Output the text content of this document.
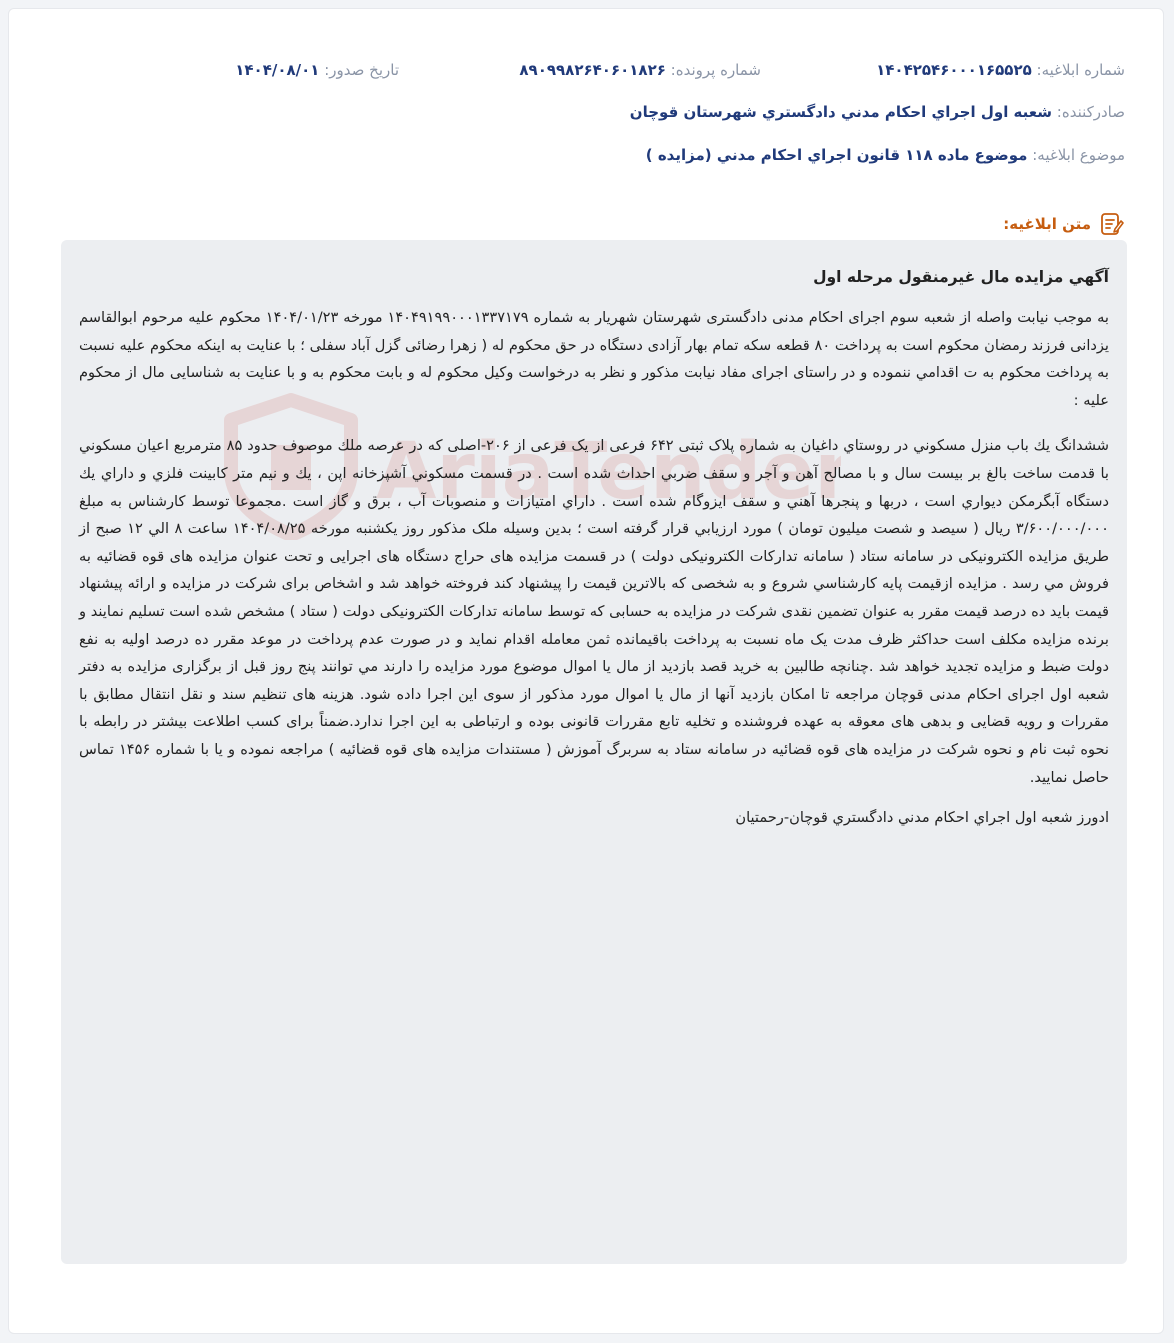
شماره ابلاغیه: ۱۴۰۴۲۵۴۶۰۰۰۱۶۵۵۲۵
شماره پرونده: ۸۹۰۹۹۸۲۶۴۰۶۰۱۸۲۶
تاریخ صدور: ۱۴۰۴/۰۸/۰۱
صادرکننده: شعبه اول اجراي احکام مدني دادگستري شهرستان قوچان
موضوع ابلاغیه: موضوع ماده ۱۱۸ قانون اجراي احکام مدني (مزايده )
متن ابلاغیه:
AriaTender
آگهي مزايده مال غيرمنقول مرحله اول

به موجب نیابت واصله از شعبه سوم اجرای احکام مدنی دادگستری شهرستان شهریار به شماره ۱۴۰۴۹۱۹۹۰۰۰۱۳۳۷۱۷۹ مورخه ۱۴۰۴/۰۱/۲۳ محکوم علیه مرحوم ابوالقاسم یزدانی فرزند رمضان محکوم است به پرداخت ۸۰ قطعه سکه تمام بهار آزادی دستگاه در حق محکوم له ( زهرا رضائی گزل آباد سفلی ؛ با عنایت به اینکه محکوم علیه نسبت به پرداخت محکوم به ت اقدامي ننموده و در راستای اجرای مفاد نیابت مذکور و نظر به درخواست وکیل محکوم له و بابت محکوم به و با عنایت به شناسایی مال از محکوم علیه :

ششدانگ يك باب منزل مسكوني در روستاي داغيان به شماره پلاک ثبتی ۶۴۲ فرعی از یک فرعی از ۲۰۶-اصلی كه در عرصه ملك موصوف حدود ۸۵ مترمربع اعيان مسكوني با قدمت ساخت بالغ بر بيست سال و با مصالح آهن و آجر و سقف ضربي احداث شده است . در قسمت مسكوني آشپزخانه اپن ، يك و نيم متر كابينت فلزي و داراي يك دستگاه آبگرمكن ديواري است ، دربها و پنجرها آهني و سقف ايزوگام شده است . داراي امتيازات و منصوبات آب ، برق و گاز است .مجموعا توسط کارشناس به مبلغ ۳/۶۰۰/۰۰۰/۰۰۰ ريال ( سیصد و شصت میلیون تومان ) مورد ارزيابي قرار گرفته است ؛ بدين وسيله ملک مذكور روز یکشنبه مورخه ۱۴۰۴/۰۸/۲۵ ساعت ۸ الي ۱۲ صبح از طريق مزایده الکترونیکی در سامانه ستاد ( سامانه تدارکات الکترونیکی دولت ) در قسمت مزايده های حراج دستگاه های اجرایی و تحت عنوان مزایده های قوه قضائيه به فروش مي رسد . مزايده ازقيمت پايه كارشناسي شروع و به شخصی كه بالاترين قيمت را پيشنهاد كند فروخته خواهد شد و اشخاص برای شرکت در مزایده و ارائه پیشنهاد قيمت بايد ده درصد قيمت مقرر به عنوان تضمين نقدی شرکت در مزایده به حسابی كه توسط سامانه تدارکات الکترونیکی دولت ( ستاد ) مشخص شده است تسليم نمايند و برنده مزايده مكلف است حداكثر ظرف مدت یک ماه نسبت به پرداخت باقیمانده ثمن معامله اقدام نمايد و در صورت عدم پرداخت در موعد مقرر ده درصد اوليه به نفع دولت ضبط و مزايده تجديد خواهد شد .چنانچه طالبين به خريد قصد بازديد از مال يا اموال موضوع مورد مزايده را دارند مي توانند پنج روز قبل از برگزاری مزایده به دفتر شعبه اول اجرای احکام مدنی قوچان مراجعه تا امکان بازدید آنها از مال یا اموال مورد مذکور از سوی این اجرا داده شود. هزینه های تنظیم سند و نقل انتقال مطابق با مقررات و رویه قضایی و بدهی های معوقه به عهده فروشنده و تخلیه تابع مقررات قانونی بوده و ارتباطی به این اجرا ندارد.ضمناً برای کسب اطلاعت بیشتر در رابطه با نحوه ثبت نام و نحوه شرکت در مزایده های قوه قضائیه در سامانه ستاد به سربرگ آموزش ( مستندات مزایده های قوه قضائیه ) مراجعه نموده و یا با شماره ۱۴۵۶ تماس حاصل نمایید.

ادورز شعبه اول اجراي احكام مدني دادگستري قوچان-رحمتيان
